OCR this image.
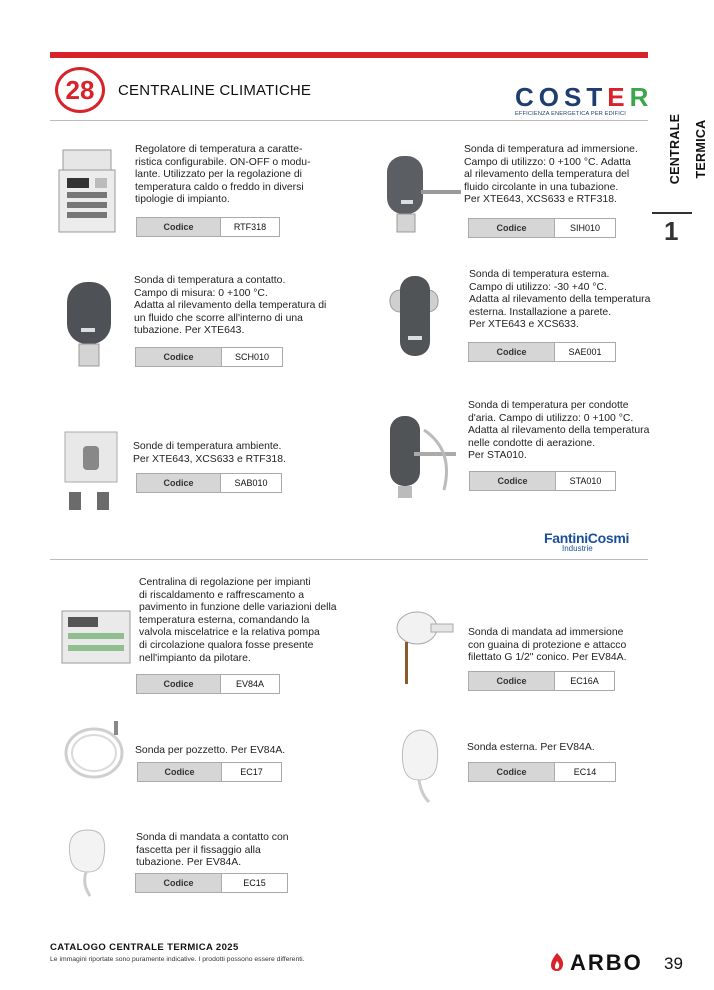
28	CENTRALINE CLIMATICHE	COSTER
EFFICIENZA ENERGETICA PER EDIFICI	CENTRALE TERMICA
1
Regolatore di temperatura a caratte-
ristica configurabile. ON-OFF o modu-
lante. Utilizzato per la regolazione di
temperatura caldo o freddo in diversi
tipologie di impianto.
Codice	RTF318
Sonda di temperatura ad immersione.
Campo di utilizzo: 0 +100 °C. Adatta
al rilevamento della temperatura del
fluido circolante in una tubazione.
Per XTE643, XCS633 e RTF318.
Codice	SIH010
Sonda di temperatura a contatto.
Campo di misura: 0 +100 °C.
Adatta al rilevamento della temperatura di
un fluido che scorre all'interno di una
tubazione. Per XTE643.
Codice	SCH010
Sonda di temperatura esterna.
Campo di utilizzo: -30 +40 °C.
Adatta al rilevamento della temperatura
esterna. Installazione a parete.
Per XTE643 e XCS633.
Codice	SAE001
Sonde di temperatura ambiente.
Per XTE643, XCS633 e RTF318.
Codice	SAB010
Sonda di temperatura per condotte
d'aria. Campo di utilizzo: 0 +100 °C.
Adatta al rilevamento della temperatura
nelle condotte di aerazione.
Per STA010.
Codice	STA010
FantiniCosmi
Industrie
Centralina di regolazione per impianti
di riscaldamento e raffrescamento a
pavimento in funzione delle variazioni della
temperatura esterna, comandando la
valvola miscelatrice e la relativa pompa
di circolazione qualora fosse presente
nell'impianto da pilotare.
Codice	EV84A
Sonda di mandata ad immersione
con guaina di protezione e attacco
filettato G 1/2" conico. Per EV84A.
Codice	EC16A
Sonda per pozzetto. Per EV84A.
Codice	EC17
Sonda esterna. Per EV84A.
Codice	EC14
Sonda di mandata a contatto con
fascetta per il fissaggio alla
tubazione. Per EV84A.
Codice	EC15
CATALOGO CENTRALE TERMICA 2025
Le immagini riportate sono puramente indicative. I prodotti possono essere differenti.	ARBO 39
